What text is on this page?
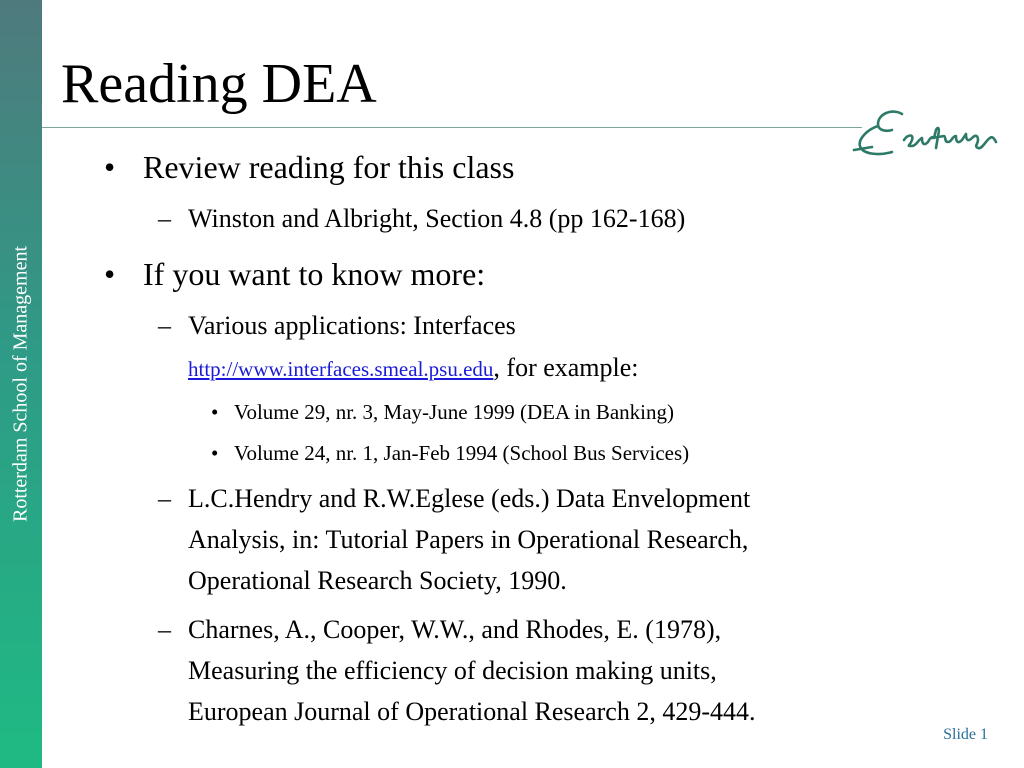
Rotterdam School of Management
Reading DEA
• Review reading for this class
– Winston and Albright, Section 4.8 (pp 162-168)
• If you want to know more:
– Various applications: Interfaces
http://www.interfaces.smeal.psu.edu, for example:
• Volume 29, nr. 3, May-June 1999 (DEA in Banking)
• Volume 24, nr. 1, Jan-Feb 1994 (School Bus Services)
– L.C.Hendry and R.W.Eglese (eds.) Data Envelopment
Analysis, in: Tutorial Papers in Operational Research,
Operational Research Society, 1990.
– Charnes, A., Cooper, W.W., and Rhodes, E. (1978),
Measuring the efficiency of decision making units,
European Journal of Operational Research 2, 429-444.
Slide 1
